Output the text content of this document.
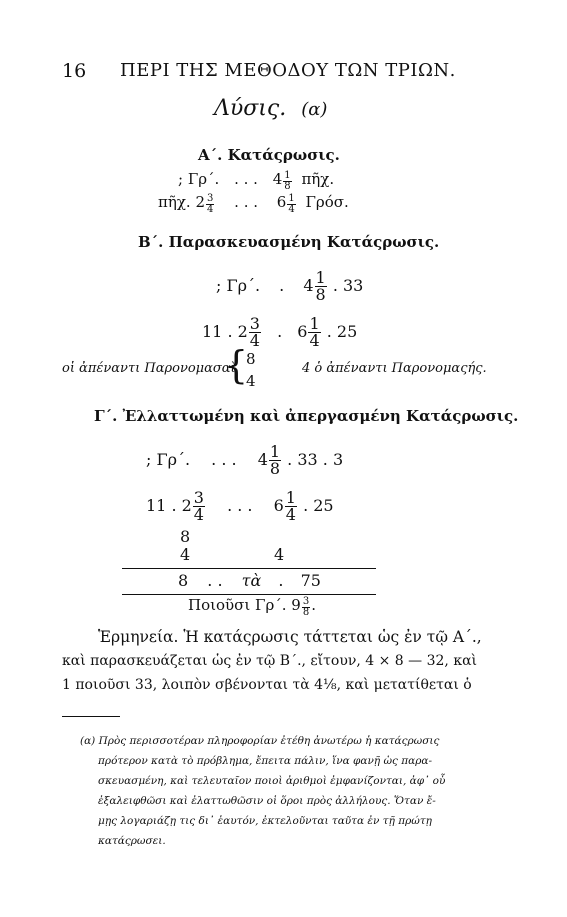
16 ΠΕΡΙ ΤΗΣ ΜΕΘΟΔΟΥ ΤΩΝ ΤΡΙΩΝ.
Λύσις. (α)
Α΄. Κατάςρωσις.
; Γρ΄. . . . $4 \frac{1}{8}$ πῆχ.
πῆχ. $2 \frac{3}{4}$ . . . $6 \frac{1}{4} \Gamma\rho ό\sigma$.
Β΄. Παρασκευασμένη Κατάςρωσις.
; Γρ΄. . $4 \frac{1}{8}$ . 33
11 . $2 \frac{3}{4}$ . $6 \frac{1}{4}$ . 25
οἱ ἀπέναντι Παρονομασαὶ
{
8
4
4 ὁ ἀπέναντι Παρονομαςής.
Γ΄. Ἐλλαττωμένη καὶ ἀπεργασμένη Κατάςρωσις.
; Γρ΄. . . . $4 \frac{1}{8}$ . 33 . 3
11 . $2 \frac{3}{4}$ . . . $6 \frac{1}{4}$ . 25
8
4	4
8 . . τὰ . 75
Ποιοῦσι Γρ΄. $9 \frac{3}{8}$ .
Ἑρμηνεία. Ἡ κατάςρωσις τάττεται ὡς ἐν τῷ Α΄.,
καὶ παρασκευάζεται ὡς ἐν τῷ Β΄., εἴτουν, 4 × 8 — 32, καὶ
1 ποιοῦσι 33, λοιπὸν σβένονται τὰ 4⅛, καὶ μετατίθεται ὁ
(α) Πρὸς περισσοτέραν πληροφορίαν ἐτέθη ἀνωτέρω ἡ κατάςρωσις
πρότερον κατὰ τὸ πρόβλημα, ἔπειτα πάλιν, ἵνα φανῇ ὡς παρα-
σκευασμένη, καὶ τελευταῖον ποιοὶ ἀριθμοὶ ἐμφανίζονται, ἀφ᾽ οὗ
ἐξαλειφθῶσι καὶ ἐλαττωθῶσιν οἱ ὅροι πρὸς ἀλλήλους. Ὅταν ἔ-
μῃς λογαριάζῃ τις δι᾽ ἑαυτόν, ἐκτελοῦνται ταῦτα ἐν τῇ πρώτῃ
κατάςρωσει.
